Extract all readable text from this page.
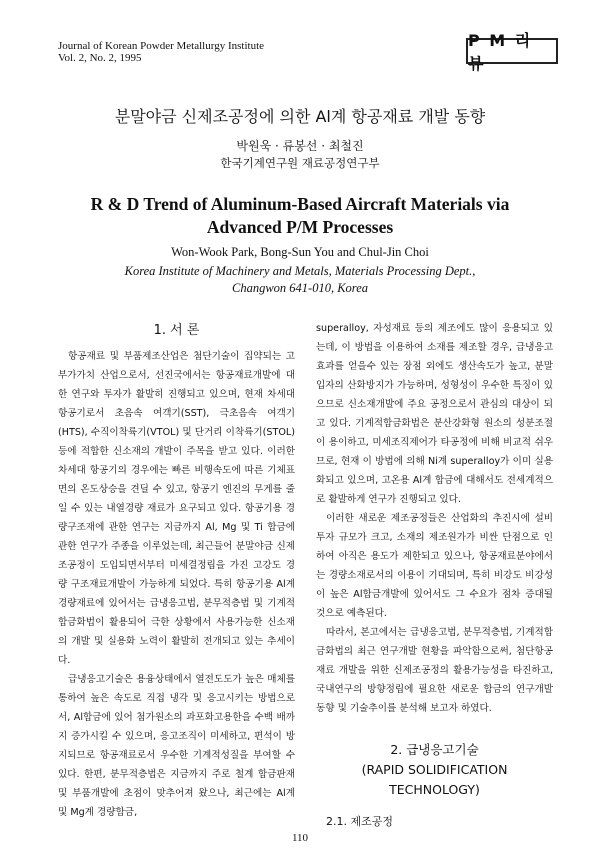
Journal of Korean Powder Metallurgy Institute
Vol. 2, No. 2, 1995
P M 리 뷰
분말야금 신제조공정에 의한 Al계 항공재료 개발 동향
박원욱 · 류봉선 · 최철진
한국기계연구원 재료공정연구부
R & D Trend of Aluminum-Based Aircraft Materials via
Advanced P/M Processes
Won-Wook Park, Bong-Sun You and Chul-Jin Choi
Korea Institute of Machinery and Metals, Materials Processing Dept.,
Changwon 641-010, Korea
1. 서 론

항공재료 및 부품제조산업은 첨단기술이 집약되는 고부가가치 산업으로서, 선진국에서는 항공재료개발에 대한 연구와 투자가 활발히 진행되고 있으며, 현재 차세대 항공기로서 초음속 여객기(SST), 극초음속 여객기(HTS), 수직이착륙기(VTOL) 및 단거리 이착륙기(STOL) 등에 적합한 신소재의 개발이 주목을 받고 있다. 이러한 차세대 항공기의 경우에는 빠른 비행속도에 따른 기체표면의 온도상승을 견딜 수 있고, 항공기 엔진의 무게를 줄일 수 있는 내열경량 재료가 요구되고 있다. 항공기용 경량구조재에 관한 연구는 지금까지 Al, Mg 및 Ti 합금에 관한 연구가 주종을 이루었는데, 최근들어 분말야금 신제조공정이 도입되면서부터 미세결정립을 가진 고강도 경량 구조재료개발이 가능하게 되었다. 특히 항공기용 Al계 경량재료에 있어서는 급냉응고법, 분무적층법 및 기계적 합금화법이 활용되어 극한 상황에서 사용가능한 신소재의 개발 및 실용화 노력이 활발히 전개되고 있는 추세이다.

급냉응고기술은 용융상태에서 열전도도가 높은 매체를 통하여 높은 속도로 직접 냉각 및 응고시키는 방법으로서, Al합금에 있어 첨가원소의 과포화고용한을 수백 배까지 증가시킬 수 있으며, 응고조직이 미세하고, 편석이 방지되므로 항공재료로서 우수한 기계적성질을 부여할 수 있다. 한편, 분무적층법은 지금까지 주로 철계 합금판재 및 부품개발에 초점이 맞추어져 왔으나, 최근에는 Al계 및 Mg계 경량합금,

superalloy, 자성재료 등의 제조에도 많이 응용되고 있는데, 이 방법을 이용하여 소재를 제조할 경우, 급냉응고효과를 얻을수 있는 장점 외에도 생산속도가 높고, 분말입자의 산화방지가 가능하며, 성형성이 우수한 특징이 있으므로 신소재개발에 주요 공정으로서 관심의 대상이 되고 있다. 기계적합금화법은 분산강화형 원소의 성분조절이 용이하고, 미세조직제어가 타공정에 비해 비교적 쉬우므로, 현재 이 방법에 의해 Ni계 superalloy가 이미 실용화되고 있으며, 고온용 Al계 합금에 대해서도 전세계적으로 활발하게 연구가 진행되고 있다.

이러한 새로운 제조공정들은 산업화의 추진시에 설비투자 규모가 크고, 소재의 제조원가가 비싼 단점으로 인하여 아직은 용도가 제한되고 있으나, 항공재료분야에서는 경량소재로서의 이용이 기대되며, 특히 비강도 비강성이 높은 Al합금개발에 있어서도 그 수요가 점차 증대될 것으로 예측된다.

따라서, 본고에서는 급냉응고법, 분무적층법, 기계적합금화법의 최근 연구개발 현황을 파악함으로써, 첨단항공재료 개발을 위한 신제조공정의 활용가능성을 타진하고, 국내연구의 방향정립에 필요한 새로운 합금의 연구개발동향 및 기술추이를 분석해 보고자 하였다.

2. 급냉응고기술
(RAPID SOLIDIFICATION TECHNOLOGY)
2.1. 제조공정
110
